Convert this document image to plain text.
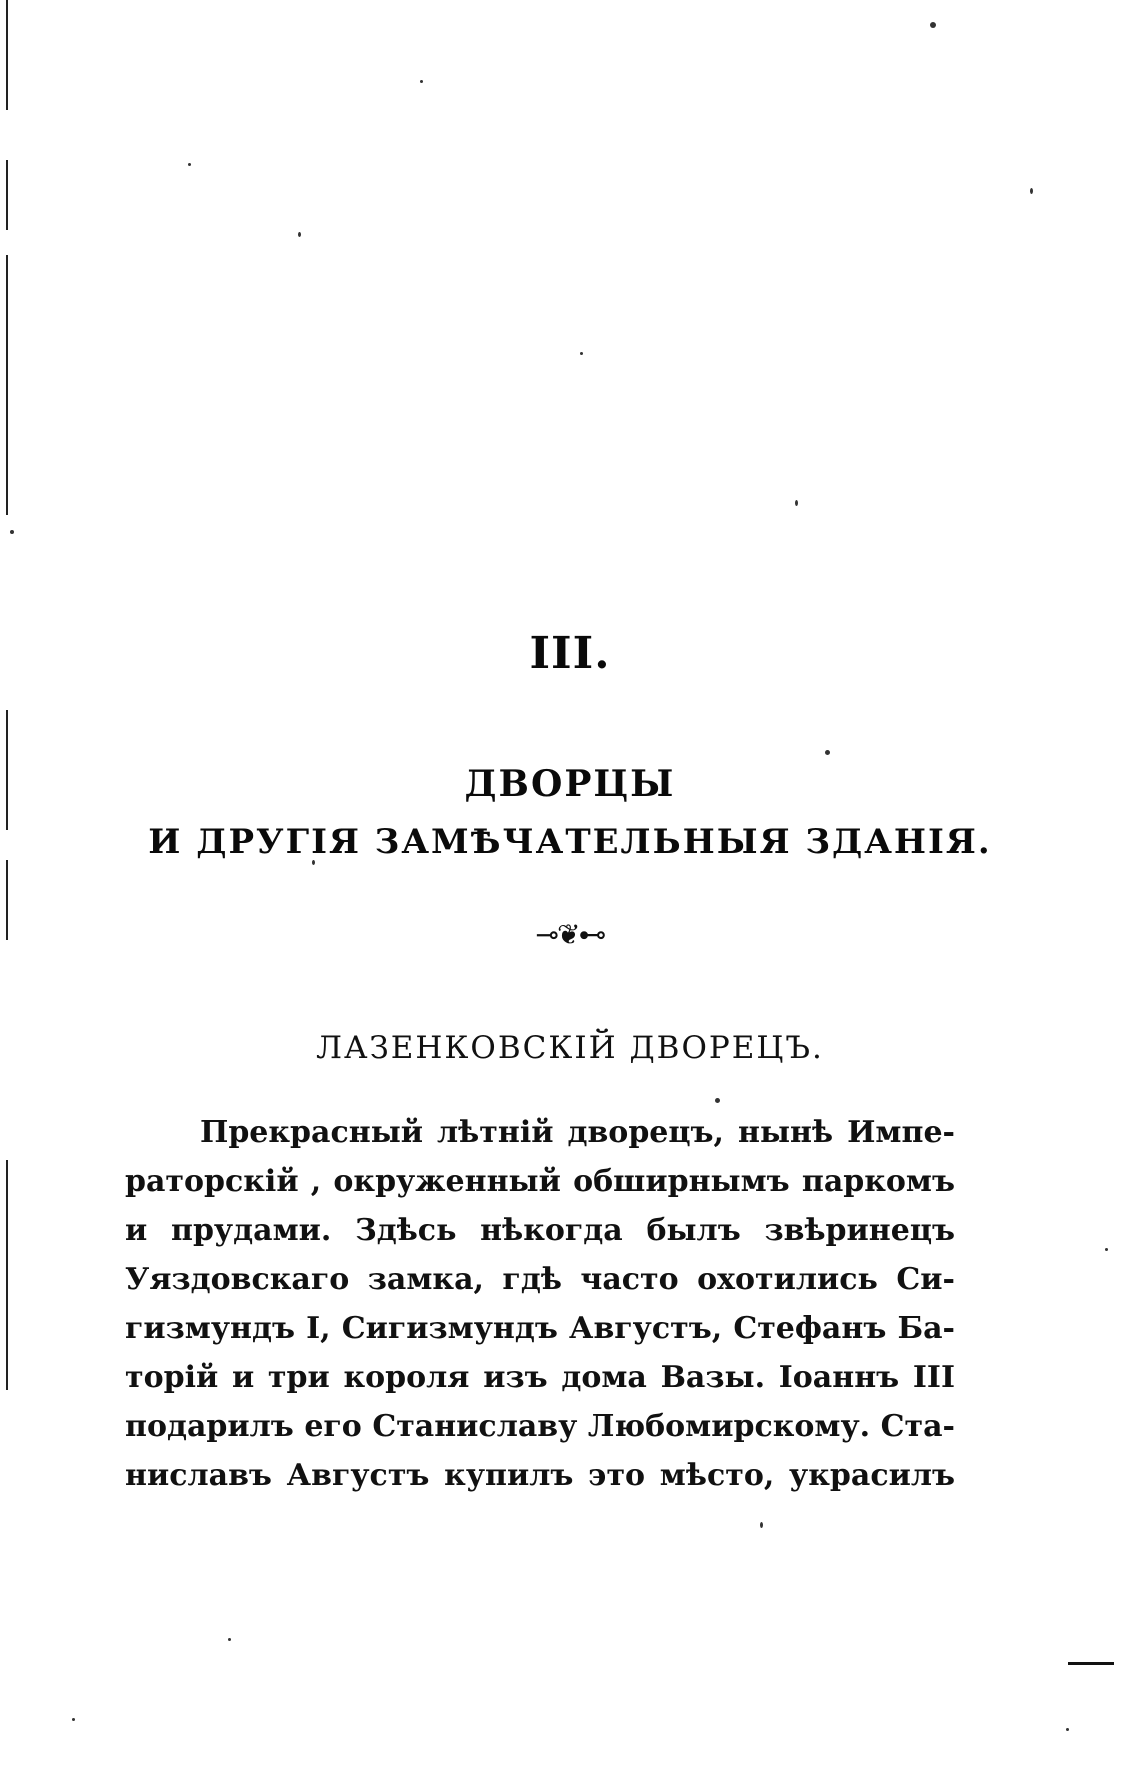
III.
ДВОРЦЫ
И ДРУГІЯ ЗАМѢЧАТЕЛЬНЫЯ ЗДАНІЯ.
⊸❦⊷
ЛАЗЕНКОВСКІЙ ДВОРЕЦЪ.
Прекрасный лѣтній дворецъ, нынѣ Импе-
раторскій , окруженный обширнымъ паркомъ
и прудами. Здѣсь нѣкогда былъ звѣринецъ
Уяздовскаго замка, гдѣ часто охотились Си-
гизмундъ I, Сигизмундъ Августъ, Стефанъ Ба-
торій и три короля изъ дома Вазы. Іоаннъ III
подарилъ его Станиславу Любомирскому. Ста-
ниславъ Августъ купилъ это мѣсто, украсилъ
